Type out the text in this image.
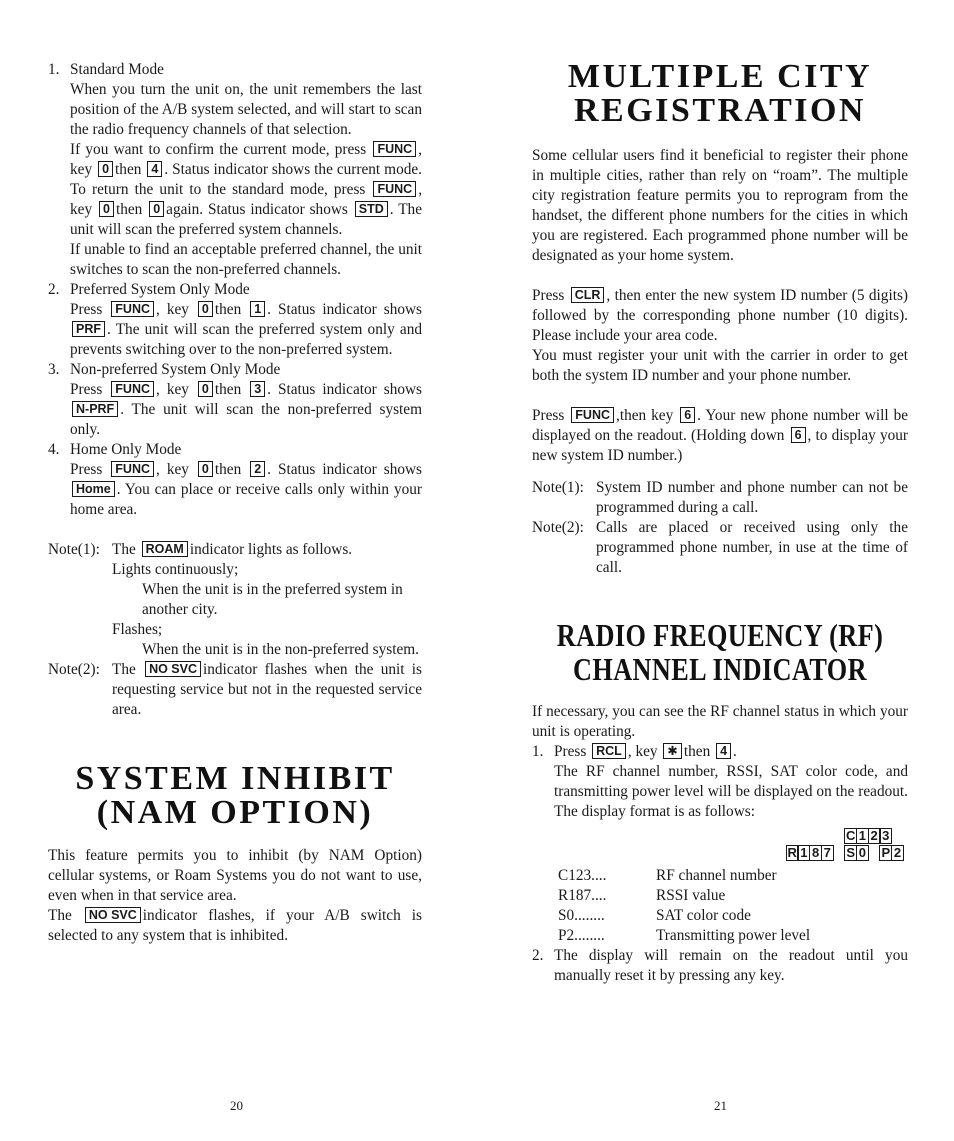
1. Standard Mode

When you turn the unit on, the unit remembers the last position of the A/B system selected, and will start to scan the radio frequency channels of that selection.

If you want to confirm the current mode, press FUNC , key 0 then 4 . Status indicator shows the current mode. To return the unit to the standard mode, press FUNC , key 0 then 0 again. Status indicator shows STD . The unit will scan the preferred system channels.

If unable to find an acceptable preferred channel, the unit switches to scan the non-preferred channels.

2. Preferred System Only Mode

Press FUNC , key 0 then 1 . Status indicator shows PRF . The unit will scan the preferred system only and prevents switching over to the non-preferred system.

3. Non-preferred System Only Mode

Press FUNC , key 0 then 3 . Status indicator shows N-PRF . The unit will scan the non-preferred system only.

4. Home Only Mode

Press FUNC , key 0 then 2 . Status indicator shows Home . You can place or receive calls only within your home area.

Note(1): The ROAM indicator lights as follows.

Lights continuously;

When the unit is in the preferred system in another city.

Flashes;

When the unit is in the non-preferred system.

Note(2): The NO SVC indicator flashes when the unit is requesting service but not in the requested service area.

SYSTEM INHIBIT
(NAM OPTION)

This feature permits you to inhibit (by NAM Option) cellular systems, or Roam Systems you do not want to use, even when in that service area.

The NO SVC indicator flashes, if your A/B switch is selected to any system that is inhibited.

20
MULTIPLE CITY
REGISTRATION

Some cellular users find it beneficial to register their phone in multiple cities, rather than rely on “roam”. The multiple city registration feature permits you to reprogram from the handset, the different phone numbers for the cities in which you are registered. Each programmed phone number will be designated as your home system.

Press CLR , then enter the new system ID number (5 digits) followed by the corresponding phone number (10 digits). Please include your area code.

You must register your unit with the carrier in order to get both the system ID number and your phone number.

Press FUNC ,then key 6 . Your new phone number will be displayed on the readout. (Holding down 6 , to display your new system ID number.)

Note(1): System ID number and phone number can not be programmed during a call.

Note(2): Calls are placed or received using only the programmed phone number, in use at the time of call.

RADIO FREQUENCY (RF)
CHANNEL INDICATOR

If necessary, you can see the RF channel status in which your unit is operating.

1. Press RCL , key ✱ then 4 .

The RF channel number, RSSI, SAT color code, and transmitting power level will be displayed on the readout. The display format is as follows:

C 1 2 3
R 1 8 7 S 0 P 2
C123....	RF channel number
R187....	RSSI value
S0........	SAT color code
P2........	Transmitting power level
2. The display will remain on the readout until you manually reset it by pressing any key.

21
